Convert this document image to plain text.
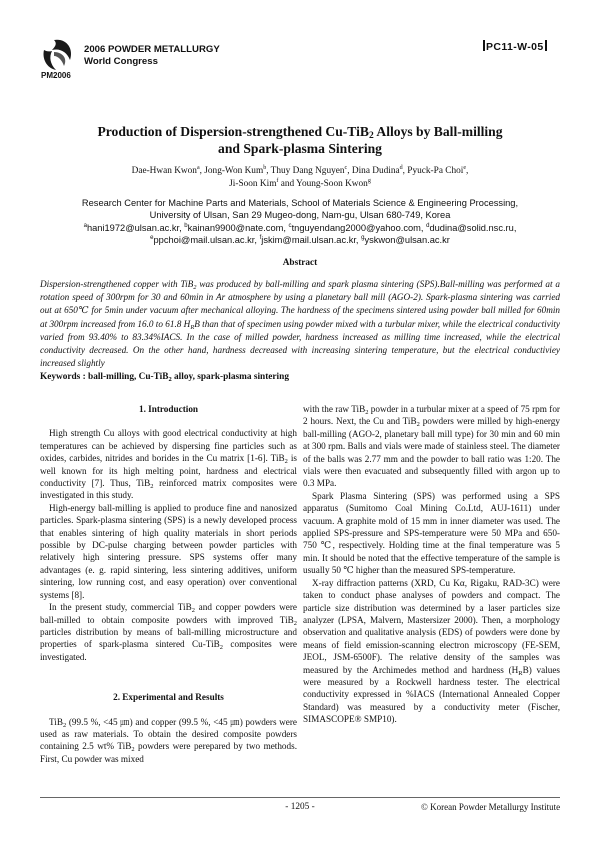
PM2006
2006 POWDER METALLURGY
World Congress
PC11-W-05
Production of Dispersion-strengthened Cu-TiB$_2$ Alloys by Ball-milling
and Spark-plasma Sintering
Dae-Hwan Kwon$^a$, Jong-Won Kum$^b$, Thuy Dang Nguyen$^c$, Dina Dudina$^d$, Pyuck-Pa Choi$^e$,
Ji-Soon Kim$^f$ and Young-Soon Kwon$^g$
Research Center for Machine Parts and Materials, School of Materials Science & Engineering Processing,
University of Ulsan, San 29 Mugeo-dong, Nam-gu, Ulsan 680-749, Korea
$^a$hani1972@ulsan.ac.kr, $^b$kainan9900@nate.com, $^c$tnguyendang2000@yahoo.com, $^d$dudina@solid.nsc.ru,
$^e$ppchoi@mail.ulsan.ac.kr, $^f$jskim@mail.ulsan.ac.kr, $^g$yskwon@ulsan.ac.kr
Abstract
Dispersion-strengthened copper with TiB$_2$ was produced by ball-milling and spark plasma sintering (SPS).Ball-milling was performed at a rotation speed of 300rpm for 30 and 60min in Ar atmosphere by using a planetary ball mill (AGO-2). Spark-plasma sintering was carried out at 650℃ for 5min under vacuum after mechanical alloying. The hardness of the specimens sintered using powder ball milled for 60min at 300rpm increased from 16.0 to 61.8 $H_RB$ than that of specimen using powder mixed with a turbular mixer, while the electrical conductivity varied from 93.40% to 83.34%IACS. In the case of milled powder, hardness increased as milling time increased, while the electrical conductivity decreased. On the other hand, hardness decreased with increasing sintering temperature, but the electrical conductiviey increased slightly
Keywords : ball-milling, Cu-TiB$_2$ alloy, spark-plasma sintering

1. Introduction

High strength Cu alloys with good electrical conductivity at high temperatures can be achieved by dispersing fine particles such as oxides, carbides, nitrides and borides in the Cu matrix [1-6]. TiB$_2$ is well known for its high melting point, hardness and electrical conductivity [7]. Thus, TiB$_2$ reinforced matrix composites were investigated in this study.

High-energy ball-milling is applied to produce fine and nanosized particles. Spark-plasma sintering (SPS) is a newly developed process that enables sintering of high quality materials in short periods possible by DC-pulse charging between powder particles with relatively high sintering pressure. SPS systems offer many advantages (e. g. rapid sintering, less sintering additives, uniform sintering, low running cost, and easy operation) over conventional systems [8].

In the present study, commercial TiB$_2$ and copper powders were ball-milled to obtain composite powders with improved TiB$_2$ particles distribution by means of ball-milling microstructure and properties of spark-plasma sintered Cu-TiB$_2$ composites were investigated.

2. Experimental and Results

TiB$_2$ (99.5 %, <45 ㎛) and copper (99.5 %, <45 ㎛) powders were used as raw materials. To obtain the desired composite powders containing 2.5 wt% TiB$_2$ powders were perepared by two methods. First, Cu powder was mixed

with the raw TiB$_2$ powder in a turbular mixer at a speed of 75 rpm for 2 hours. Next, the Cu and TiB$_2$ powders were milled by high-energy ball-milling (AGO-2, planetary ball mill type) for 30 min and 60 min at 300 rpm. Balls and vials were made of stainless steel. The diameter of the balls was 2.77 mm and the powder to ball ratio was 1:20. The vials were then evacuated and subsequently filled with argon up to 0.3 MPa.

Spark Plasma Sintering (SPS) was performed using a SPS apparatus (Sumitomo Coal Mining Co.Ltd, AUJ-1611) under vacuum. A graphite mold of 15 mm in inner diameter was used. The applied SPS-pressure and SPS-temperature were 50 MPa and 650-750 ℃, respectively. Holding time at the final temperature was 5 min. It should be noted that the effective temperature of the sample is usually 50 ℃ higher than the measured SPS-temperature.

X-ray diffraction patterns (XRD, Cu Kα, Rigaku, RAD-3C) were taken to conduct phase analyses of powders and compact. The particle size distribution was determined by a laser particles size analyzer (LPSA, Malvern, Mastersizer 2000). Then, a morphology observation and qualitative analysis (EDS) of powders were done by means of field emission-scanning electron microscopy (FE-SEM, JEOL, JSM-6500F). The relative density of the samples was measured by the Archimedes method and hardness $(H_RB)$ values were measured by a Rockwell hardness tester. The electrical conductivity expressed in %IACS (International Annealed Copper Standard) was measured by a conductivity meter (Fischer, SIMASCOPE® SMP10).

- 1205 -	© Korean Powder Metallurgy Institute
